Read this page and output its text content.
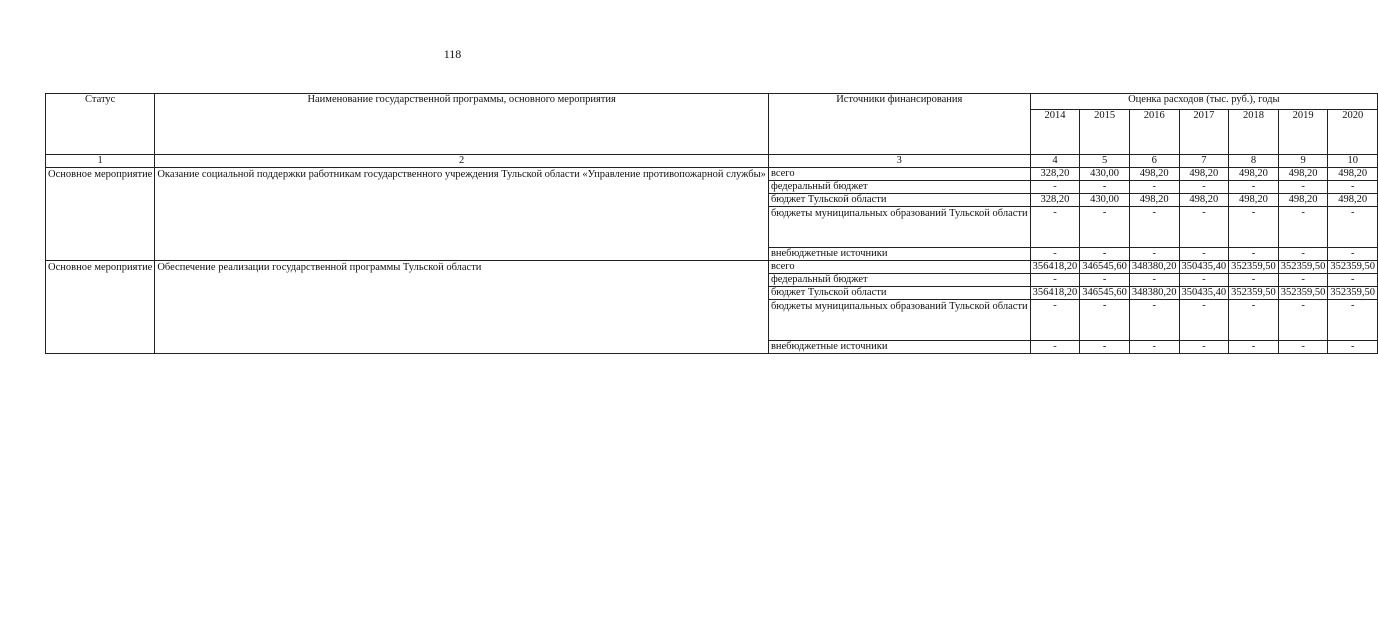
118
Статус	Наименование государственной программы, основного мероприятия	Источники финансирования	Оценка расходов (тыс. руб.), годы						
			2014	2015	2016	2017	2018	2019	2020
1	2	3	4	5	6	7	8	9	10
Основное мероприятие	Оказание социальной поддержки работникам государственного учреждения Тульской области «Управление противопожарной службы»	всего	328,20	430,00	498,20	498,20	498,20	498,20	498,20
		федеральный бюджет	-	-	-	-	-	-	-
		бюджет Тульской области	328,20	430,00	498,20	498,20	498,20	498,20	498,20
		бюджеты муниципальных образований Тульской области	-	-	-	-	-	-	-
		внебюджетные источники	-	-	-	-	-	-	-
Основное мероприятие	Обеспечение реализации государственной программы Тульской области	всего	356418,20	346545,60	348380,20	350435,40	352359,50	352359,50	352359,50
		федеральный бюджет	-	-	-	-	-	-	-
		бюджет Тульской области	356418,20	346545,60	348380,20	350435,40	352359,50	352359,50	352359,50
		бюджеты муниципальных образований Тульской области	-	-	-	-	-	-	-
		внебюджетные источники	-	-	-	-	-	-	-
